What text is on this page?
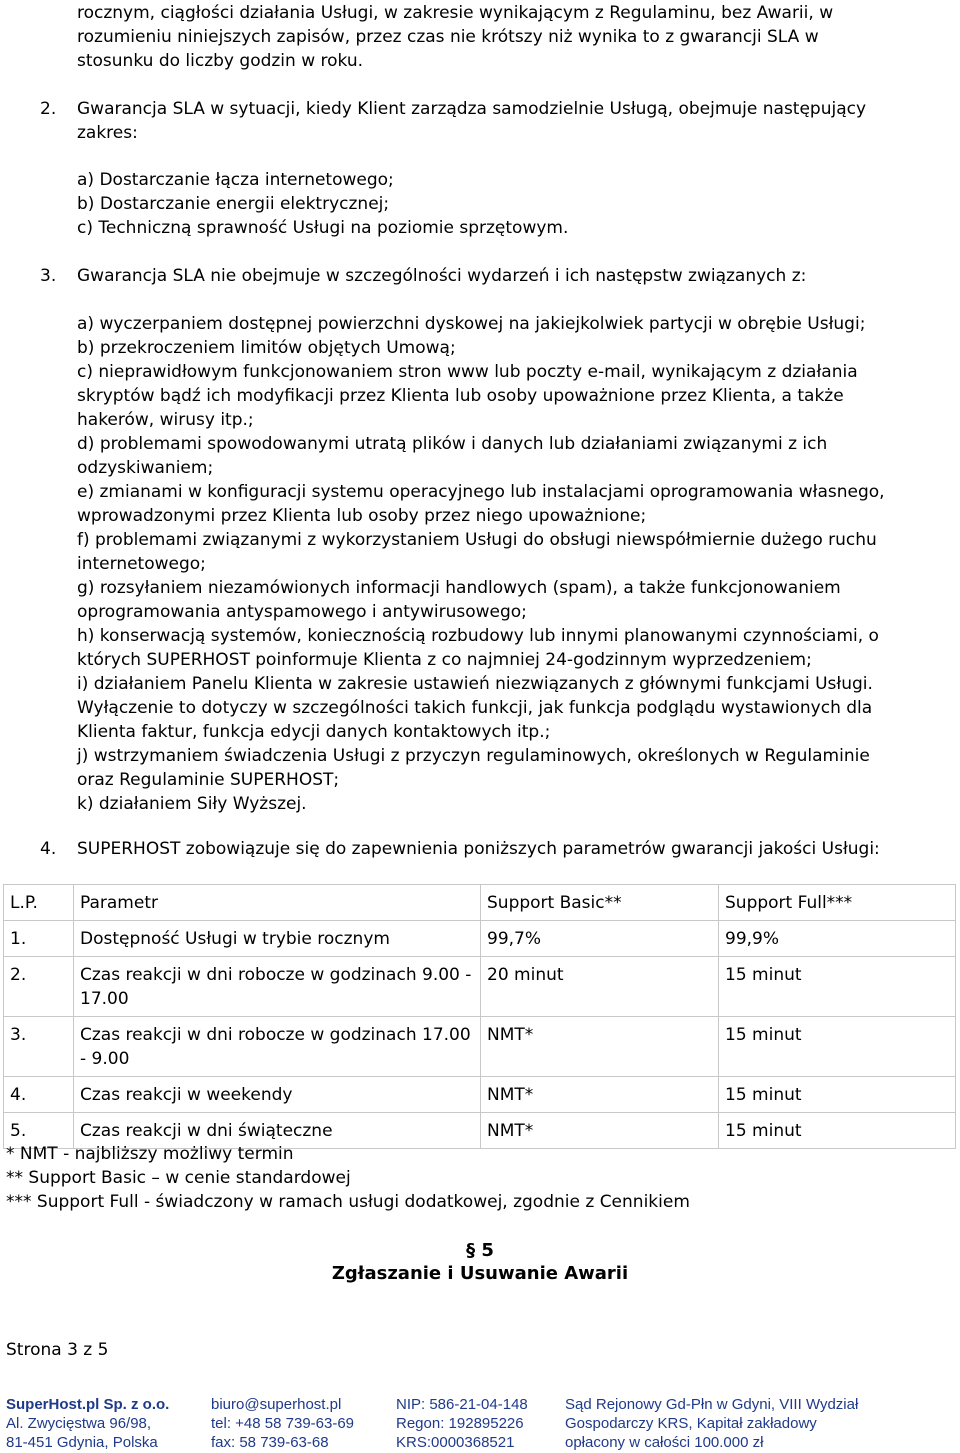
rocznym, ciągłości działania Usługi, w zakresie wynikającym z Regulaminu, bez Awarii, w
rozumieniu niniejszych zapisów, przez czas nie krótszy niż wynika to z gwarancji SLA w
stosunku do liczby godzin w roku.
2. Gwarancja SLA w sytuacji, kiedy Klient zarządza samodzielnie Usługą, obejmuje następujący
zakres:
a) Dostarczanie łącza internetowego;
b) Dostarczanie energii elektrycznej;
c) Techniczną sprawność Usługi na poziomie sprzętowym.
3. Gwarancja SLA nie obejmuje w szczególności wydarzeń i ich następstw związanych z:
a) wyczerpaniem dostępnej powierzchni dyskowej na jakiejkolwiek partycji w obrębie Usługi;
b) przekroczeniem limitów objętych Umową;
c) nieprawidłowym funkcjonowaniem stron www lub poczty e-mail, wynikającym z działania skryptów bądź ich modyfikacji przez Klienta lub osoby upoważnione przez Klienta, a także hakerów, wirusy itp.;
d) problemami spowodowanymi utratą plików i danych lub działaniami związanymi z ich odzyskiwaniem;
e) zmianami w konfiguracji systemu operacyjnego lub instalacjami oprogramowania własnego, wprowadzonymi przez Klienta lub osoby przez niego upoważnione;
f) problemami związanymi z wykorzystaniem Usługi do obsługi niewspółmiernie dużego ruchu internetowego;
g) rozsyłaniem niezamówionych informacji handlowych (spam), a także funkcjonowaniem oprogramowania antyspamowego i antywirusowego;
h) konserwacją systemów, koniecznością rozbudowy lub innymi planowanymi czynnościami, o których SUPERHOST poinformuje Klienta z co najmniej 24-godzinnym wyprzedzeniem;
i) działaniem Panelu Klienta w zakresie ustawień niezwiązanych z głównymi funkcjami Usługi. Wyłączenie to dotyczy w szczególności takich funkcji, jak funkcja podglądu wystawionych dla Klienta faktur, funkcja edycji danych kontaktowych itp.;
j) wstrzymaniem świadczenia Usługi z przyczyn regulaminowych, określonych w Regulaminie oraz Regulaminie SUPERHOST;
k) działaniem Siły Wyższej.
4. SUPERHOST zobowiązuje się do zapewnienia poniższych parametrów gwarancji jakości Usługi:
L.P.	Parametr	Support Basic**	Support Full***
1.	Dostępność Usługi w trybie rocznym	99,7%	99,9%
2.	Czas reakcji w dni robocze w godzinach 9.00 - 17.00	20 minut	15 minut
3.	Czas reakcji w dni robocze w godzinach 17.00 - 9.00	NMT*	15 minut
4.	Czas reakcji w weekendy	NMT*	15 minut
5.	Czas reakcji w dni świąteczne	NMT*	15 minut
* NMT - najbliższy możliwy termin
** Support Basic – w cenie standardowej
*** Support Full - świadczony w ramach usługi dodatkowej, zgodnie z Cennikiem
§ 5
Zgłaszanie i Usuwanie Awarii
Strona 3 z 5
SuperHost.pl Sp. z o.o.
Al. Zwycięstwa 96/98,
81-451 Gdynia, Polska
biuro@superhost.pl
tel: +48 58 739-63-69
fax: 58 739-63-68
NIP: 586-21-04-148
Regon: 192895226
KRS:0000368521
Sąd Rejonowy Gd-Płn w Gdyni, VIII Wydział
Gospodarczy KRS, Kapitał zakładowy
opłacony w całości 100.000 zł
